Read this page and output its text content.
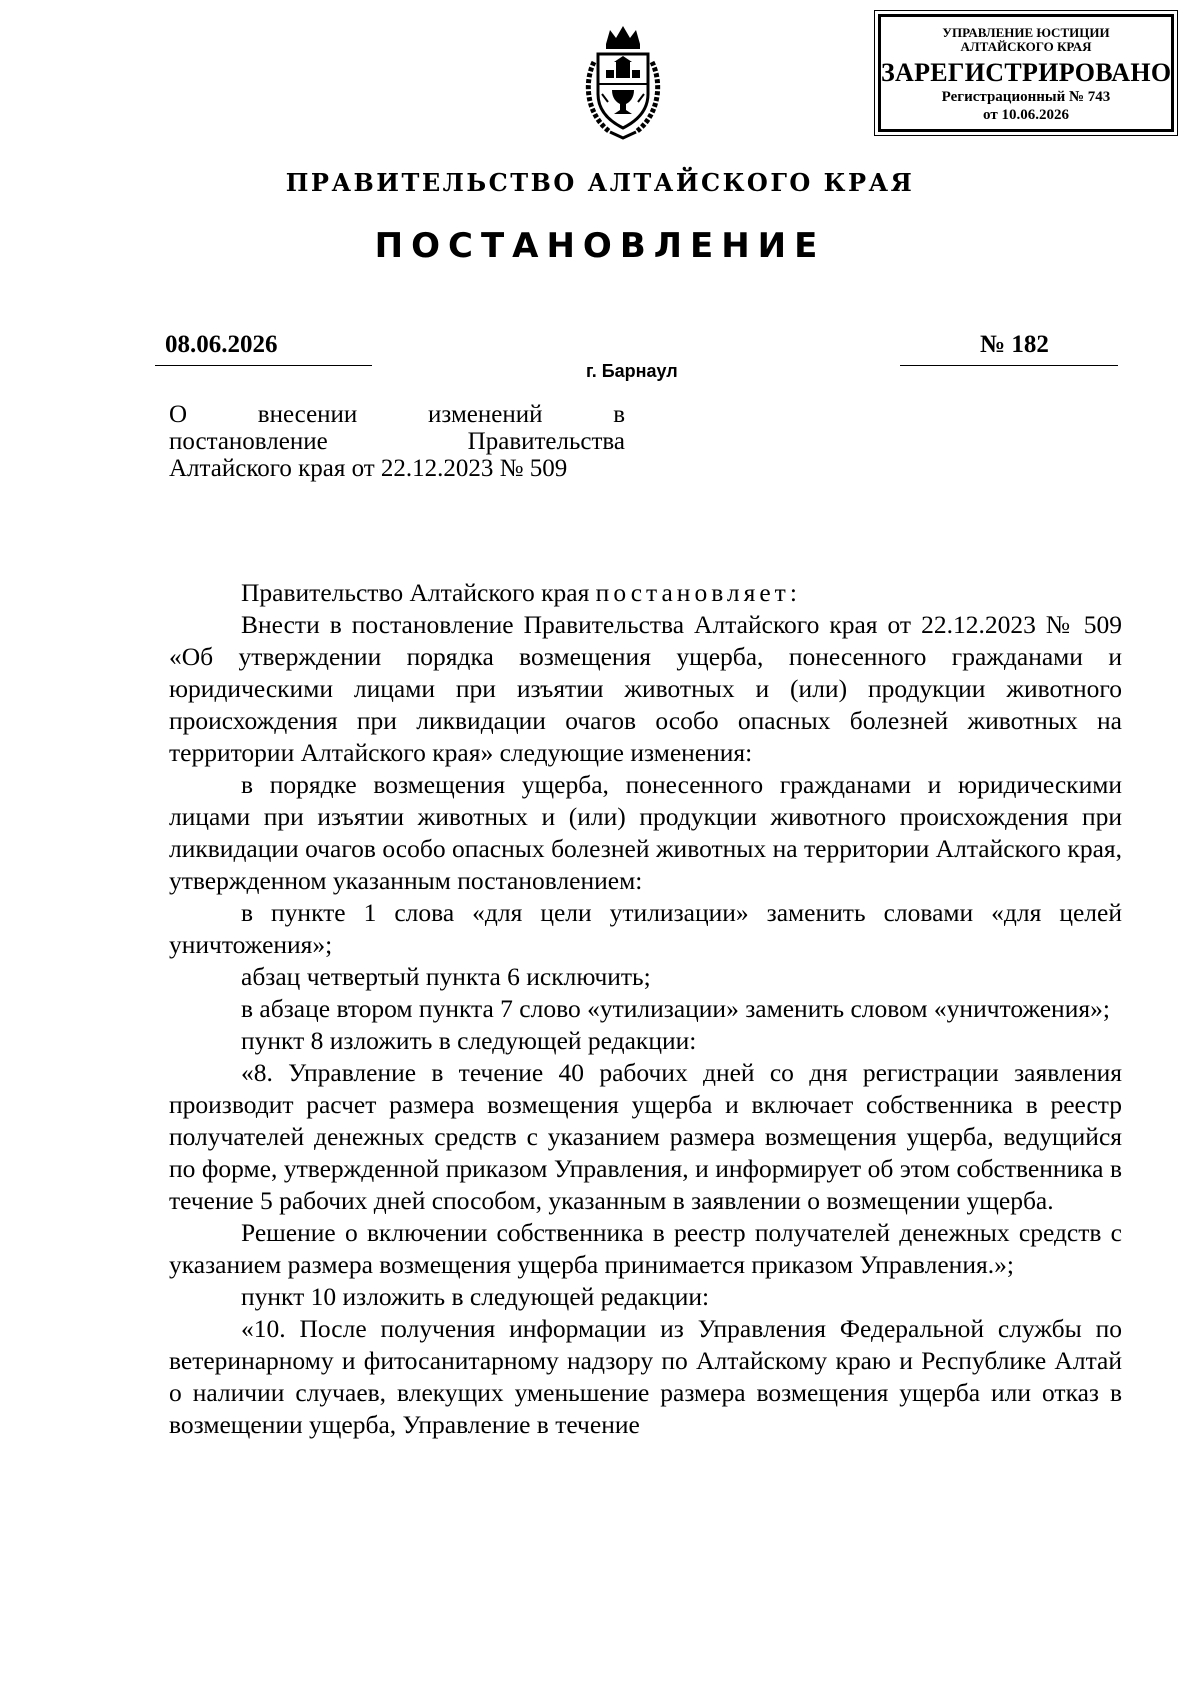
УПРАВЛЕНИЕ ЮСТИЦИИ
АЛТАЙСКОГО КРАЯ
ЗАРЕГИСТРИРОВАНО
Регистрационный № 743
от 10.06.2026
ПРАВИТЕЛЬСТВО АЛТАЙСКОГО КРАЯ
ПОСТАНОВЛЕНИЕ
08.06.2026	№ 182
г. Барнаул
О внесении изменений в
постановление Правительства
Алтайского края от 22.12.2023 № 509

Правительство Алтайского края постановляет:

Внести в постановление Правительства Алтайского края от 22.12.2023 № 509 «Об утверждении порядка возмещения ущерба, понесенного гражданами и юридическими лицами при изъятии животных и (или) продукции животного происхождения при ликвидации очагов особо опасных болезней животных на территории Алтайского края» следующие изменения:

в порядке возмещения ущерба, понесенного гражданами и юридическими лицами при изъятии животных и (или) продукции животного происхождения при ликвидации очагов особо опасных болезней животных на территории Алтайского края, утвержденном указанным постановлением:

в пункте 1 слова «для цели утилизации» заменить словами «для целей уничтожения»;

абзац четвертый пункта 6 исключить;

в абзаце втором пункта 7 слово «утилизации» заменить словом «уничтожения»;

пункт 8 изложить в следующей редакции:

«8. Управление в течение 40 рабочих дней со дня регистрации заявления производит расчет размера возмещения ущерба и включает собственника в реестр получателей денежных средств с указанием размера возмещения ущерба, ведущийся по форме, утвержденной приказом Управления, и информирует об этом собственника в течение 5 рабочих дней способом, указанным в заявлении о возмещении ущерба.

Решение о включении собственника в реестр получателей денежных средств с указанием размера возмещения ущерба принимается приказом Управления.»;

пункт 10 изложить в следующей редакции:

«10. После получения информации из Управления Федеральной службы по ветеринарному и фитосанитарному надзору по Алтайскому краю и Республике Алтай о наличии случаев, влекущих уменьшение размера возмещения ущерба или отказ в возмещении ущерба, Управление в течение
